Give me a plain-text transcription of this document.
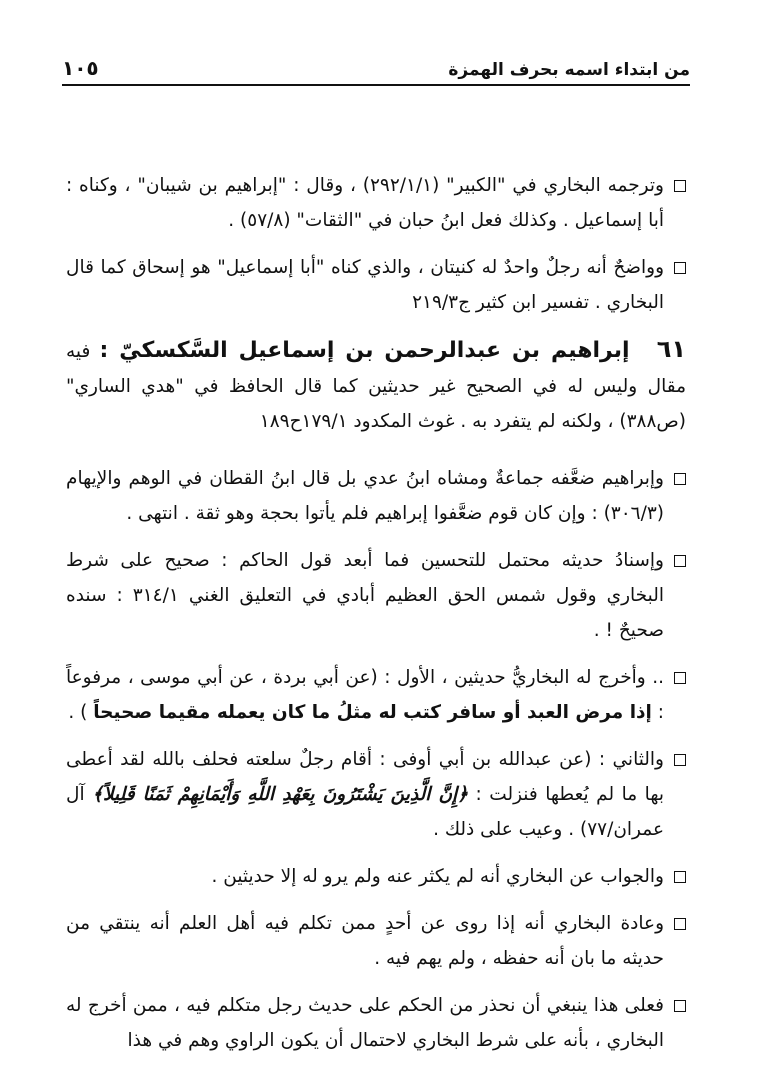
من ابتداء اسمه بحرف الهمزة
١٠٥
وترجمه البخاري في "الكبير" (٢٩٢/١/١) ، وقال : "إبراهيم بن شيبان" ، وكناه : أبا إسماعيل . وكذلك فعل ابنُ حبان في "الثقات" (٥٧/٨) .
وواضحٌ أنه رجلٌ واحدٌ له كنيتان ، والذي كناه "أبا إسماعيل" هو إسحاق كما قال البخاري . تفسير ابن كثير ج٢١٩/٣
٦١ إبراهيم بن عبدالرحمن بن إسماعيل السَّكسكيّ : فيه مقال وليس له في الصحيح غير حديثين كما قال الحافظ في "هدي الساري" (ص٣٨٨) ، ولكنه لم يتفرد به . غوث المكدود ١٧٩/١ح١٨٩
وإبراهيم ضعَّفه جماعةٌ ومشاه ابنُ عدي بل قال ابنُ القطان في الوهم والإيهام (٣٠٦/٣) : وإن كان قوم ضعَّفوا إبراهيم فلم يأتوا بحجة وهو ثقة . انتهى .
وإسنادُ حديثه محتمل للتحسين فما أبعد قول الحاكم : صحيح على شرط البخاري وقول شمس الحق العظيم أبادي في التعليق الغني ٣١٤/١ : سنده صحيحٌ ! .
.. وأخرج له البخاريُّ حديثين ، الأول : (عن أبي بردة ، عن أبي موسى ، مرفوعاً : إذا مرض العبد أو سافر كتب له مثلُ ما كان يعمله مقيما صحيحاً ) .
والثاني : (عن عبدالله بن أبي أوفى : أقام رجلٌ سلعته فحلف بالله لقد أعطى بها ما لم يُعطها فنزلت : ﴿إِنَّ الَّذِينَ يَشْتَرُونَ بِعَهْدِ اللَّهِ وَأَيْمَانِهِمْ ثَمَنًا قَلِيلاً﴾ آل عمران/٧٧) . وعيب على ذلك .
والجواب عن البخاري أنه لم يكثر عنه ولم يرو له إلا حديثين .
وعادة البخاري أنه إذا روى عن أحدٍ ممن تكلم فيه أهل العلم أنه ينتقي من حديثه ما بان أنه حفظه ، ولم يهم فيه .
فعلى هذا ينبغي أن نحذر من الحكم على حديث رجل متكلم فيه ، ممن أخرج له البخاري ، بأنه على شرط البخاري لاحتمال أن يكون الراوي وهم في هذا
